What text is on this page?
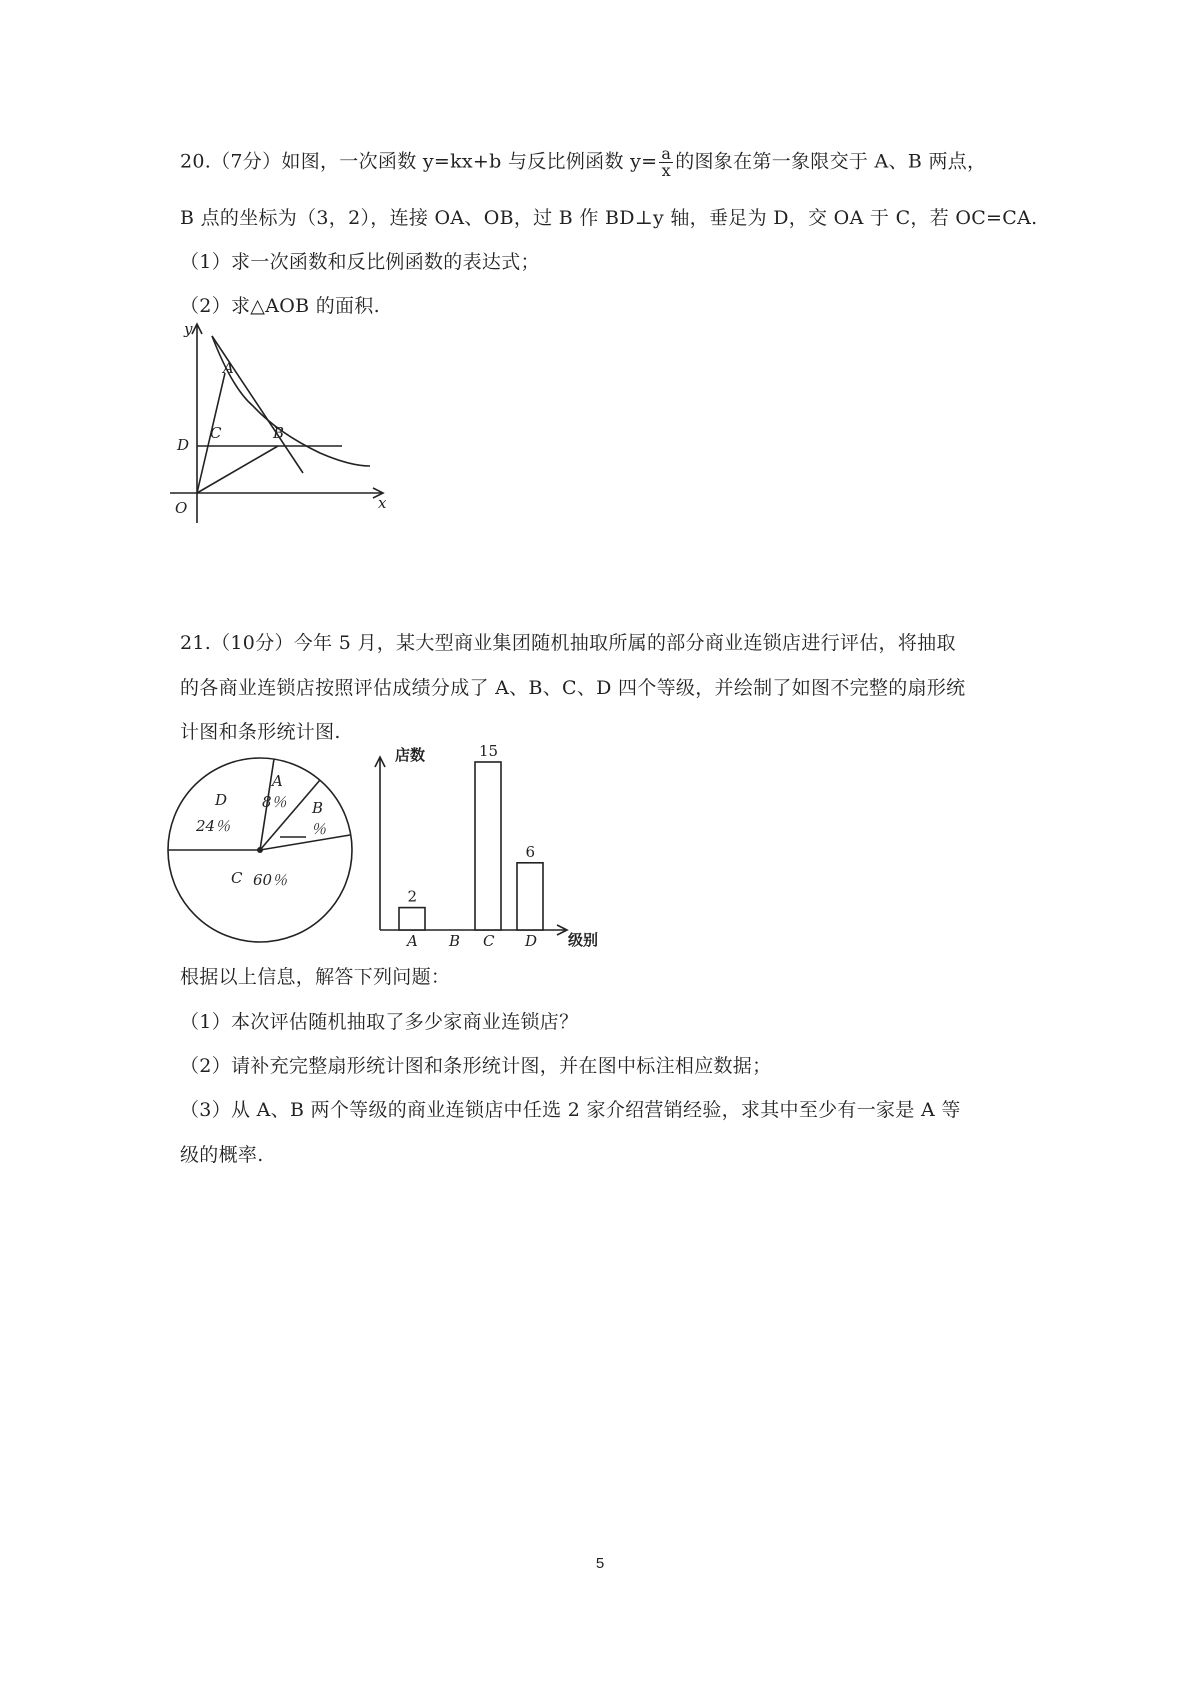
20.（7分）如图，一次函数 y=kx+b 与反比例函数 $y= \frac{a}{x}$ 的图象在第一象限交于 A、B 两点，
B 点的坐标为（3，2），连接 OA、OB，过 B 作 BD⊥y 轴，垂足为 D，交 OA 于 C，若 OC=CA.
（1）求一次函数和反比例函数的表达式；
（2）求△AOB 的面积.
y
A
C	B
D
O	x
21.（10分）今年 5 月，某大型商业集团随机抽取所属的部分商业连锁店进行评估，将抽取
的各商业连锁店按照评估成绩分成了 A、B、C、D 四个等级，并绘制了如图不完整的扇形统
计图和条形统计图.
A
8％ B
％
D
24％
C 60％
店数
级别
A
2
B C
15
D
6
根据以上信息，解答下列问题：
（1）本次评估随机抽取了多少家商业连锁店？
（2）请补充完整扇形统计图和条形统计图，并在图中标注相应数据；
（3）从 A、B 两个等级的商业连锁店中任选 2 家介绍营销经验，求其中至少有一家是 A 等
级的概率.
5
